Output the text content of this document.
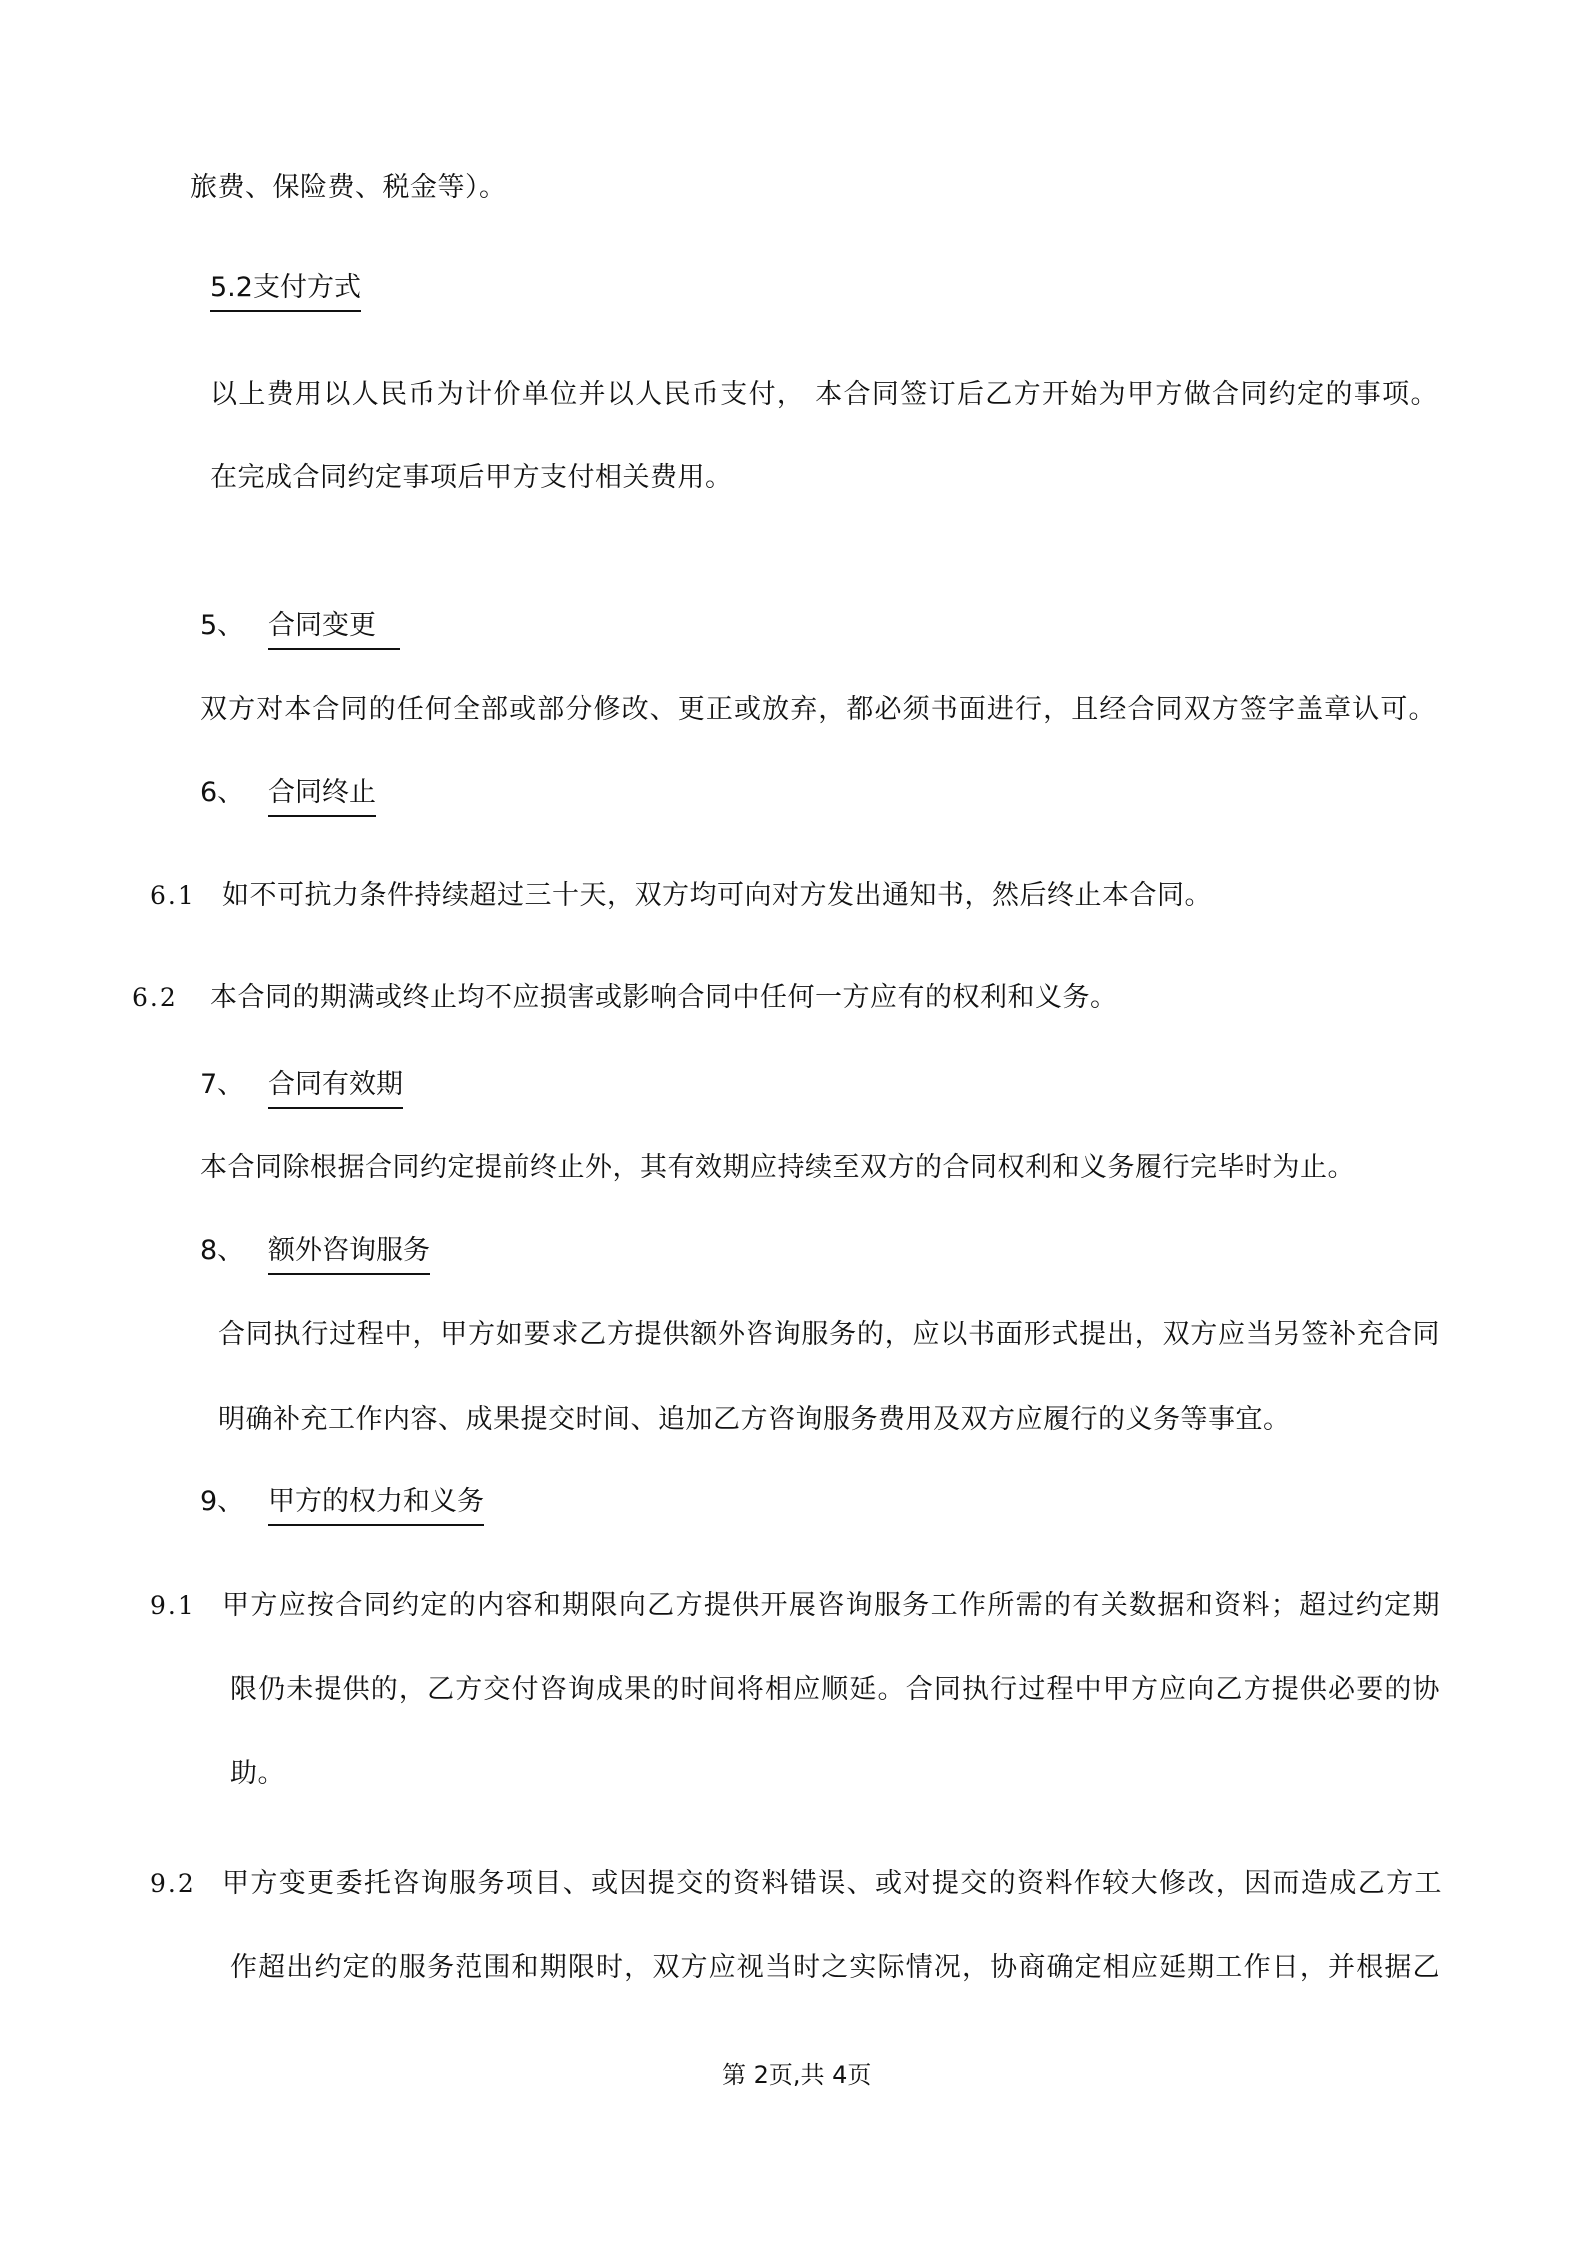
旅费、保险费、税金等）。
5.2支付方式
以上费用以人民币为计价单位并以人民币支付， 本合同签订后乙方开始为甲方做合同约定的事项。
在完成合同约定事项后甲方支付相关费用。
5、 合同变更
双方对本合同的任何全部或部分修改、更正或放弃，都必须书面进行，且经合同双方签字盖章认可。
6、 合同终止
6.1 如不可抗力条件持续超过三十天，双方均可向对方发出通知书，然后终止本合同。
6.2 本合同的期满或终止均不应损害或影响合同中任何一方应有的权利和义务。
7、 合同有效期
本合同除根据合同约定提前终止外，其有效期应持续至双方的合同权利和义务履行完毕时为止。
8、 额外咨询服务
合同执行过程中，甲方如要求乙方提供额外咨询服务的，应以书面形式提出，双方应当另签补充合同
明确补充工作内容、成果提交时间、追加乙方咨询服务费用及双方应履行的义务等事宜。
9、 甲方的权力和义务
9.1 甲方应按合同约定的内容和期限向乙方提供开展咨询服务工作所需的有关数据和资料；超过约定期
限仍未提供的，乙方交付咨询成果的时间将相应顺延。合同执行过程中甲方应向乙方提供必要的协
助。
9.2 甲方变更委托咨询服务项目、或因提交的资料错误、或对提交的资料作较大修改，因而造成乙方工
作超出约定的服务范围和期限时，双方应视当时之实际情况，协商确定相应延期工作日，并根据乙
第 2页,共 4页
